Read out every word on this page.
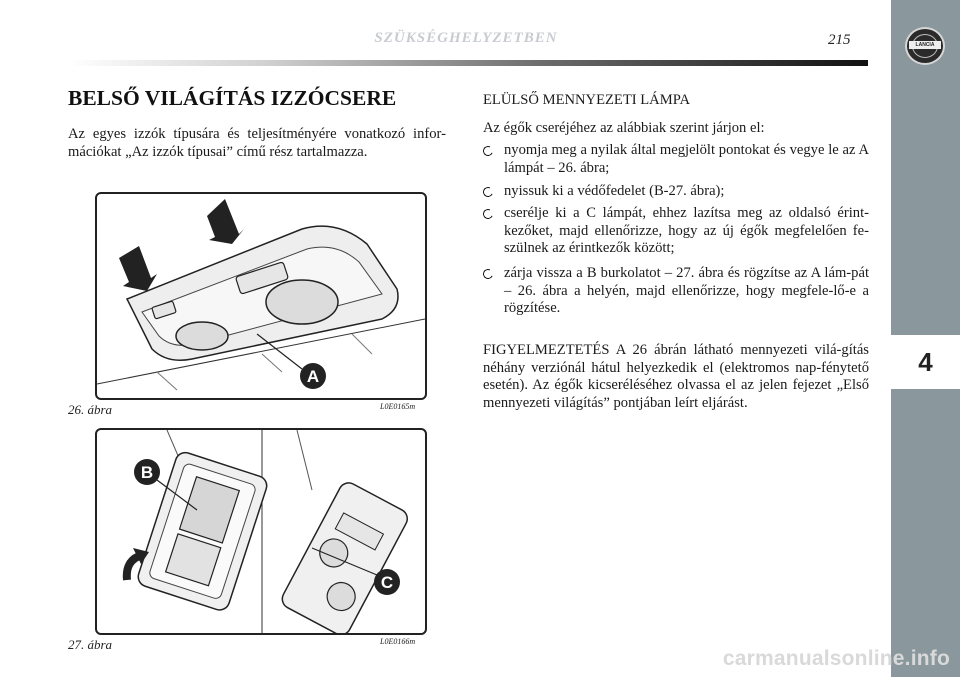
SZÜKSÉGHELYZETBEN	215	LANCIA
4
BELSŐ VILÁGÍTÁS IZZÓCSERE

Az egyes izzók típusára és teljesítményére vonatkozó infor-mációkat „Az izzók típusai” című rész tartalmazza.

A
L0E0165m
26. ábra
B
C
L0E0166m
27. ábra

ELÜLSŐ MENNYEZETI LÁMPA

Az égők cseréjéhez az alábbiak szerint járjon el:

nyomja meg a nyilak által megjelölt pontokat és vegye le az A lámpát – 26. ábra;
nyissuk ki a védőfedelet (B-27. ábra);
cserélje ki a C lámpát, ehhez lazítsa meg az oldalsó érint-kezőket, majd ellenőrizze, hogy az új égők megfelelően fe-szülnek az érintkezők között;
zárja vissza a B burkolatot – 27. ábra és rögzítse az A lám-pát – 26. ábra a helyén, majd ellenőrizze, hogy megfele-lő-e a rögzítése.

FIGYELMEZTETÉS A 26 ábrán látható mennyezeti vilá-gítás néhány verziónál hátul helyezkedik el (elektromos nap-fénytető esetén). Az égők kicseréléséhez olvassa el az jelen fejezet „Első mennyezeti világítás” pontjában leírt eljárást.

carmanualsonline.info
